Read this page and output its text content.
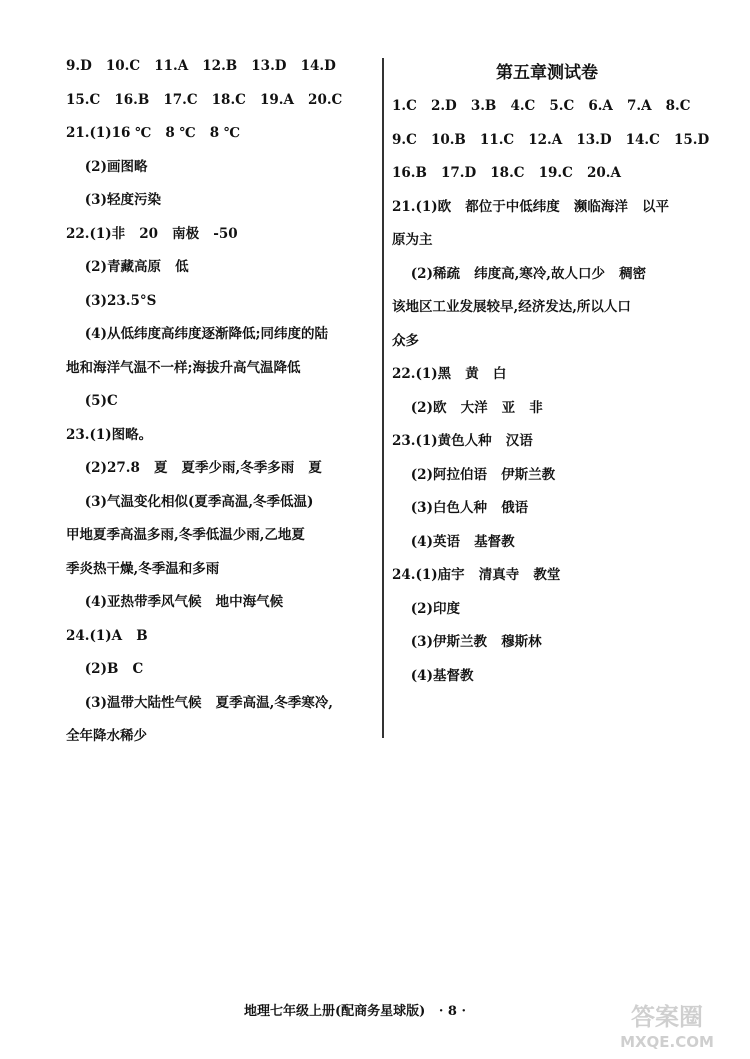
9.D   10.C   11.A   12.B   13.D   14.D
15.C   16.B   17.C   18.C   19.A   20.C
21.(1)16 ℃   8 ℃   8 ℃
(2)画图略
(3)轻度污染
22.(1)非   20   南极   -50
(2)青藏高原   低
(3)23.5°S
(4)从低纬度高纬度逐渐降低;同纬度的陆
地和海洋气温不一样;海拔升高气温降低
(5)C
23.(1)图略。
(2)27.8   夏   夏季少雨,冬季多雨   夏
(3)气温变化相似(夏季高温,冬季低温)
甲地夏季高温多雨,冬季低温少雨,乙地夏
季炎热干燥,冬季温和多雨
(4)亚热带季风气候   地中海气候
24.(1)A   B
(2)B   C
(3)温带大陆性气候   夏季高温,冬季寒冷,
全年降水稀少
第五章测试卷
1.C   2.D   3.B   4.C   5.C   6.A   7.A   8.C
9.C   10.B   11.C   12.A   13.D   14.C   15.D
16.B   17.D   18.C   19.C   20.A
21.(1)欧   都位于中低纬度   濒临海洋   以平
原为主
(2)稀疏   纬度高,寒冷,故人口少   稠密
该地区工业发展较早,经济发达,所以人口
众多
22.(1)黑   黄   白
(2)欧   大洋   亚   非
23.(1)黄色人种   汉语
(2)阿拉伯语   伊斯兰教
(3)白色人种   俄语
(4)英语   基督教
24.(1)庙宇   清真寺   教堂
(2)印度
(3)伊斯兰教   穆斯林
(4)基督教
地理七年级上册(配商务星球版)   · 8 ·	答案圈
MXQE.COM
